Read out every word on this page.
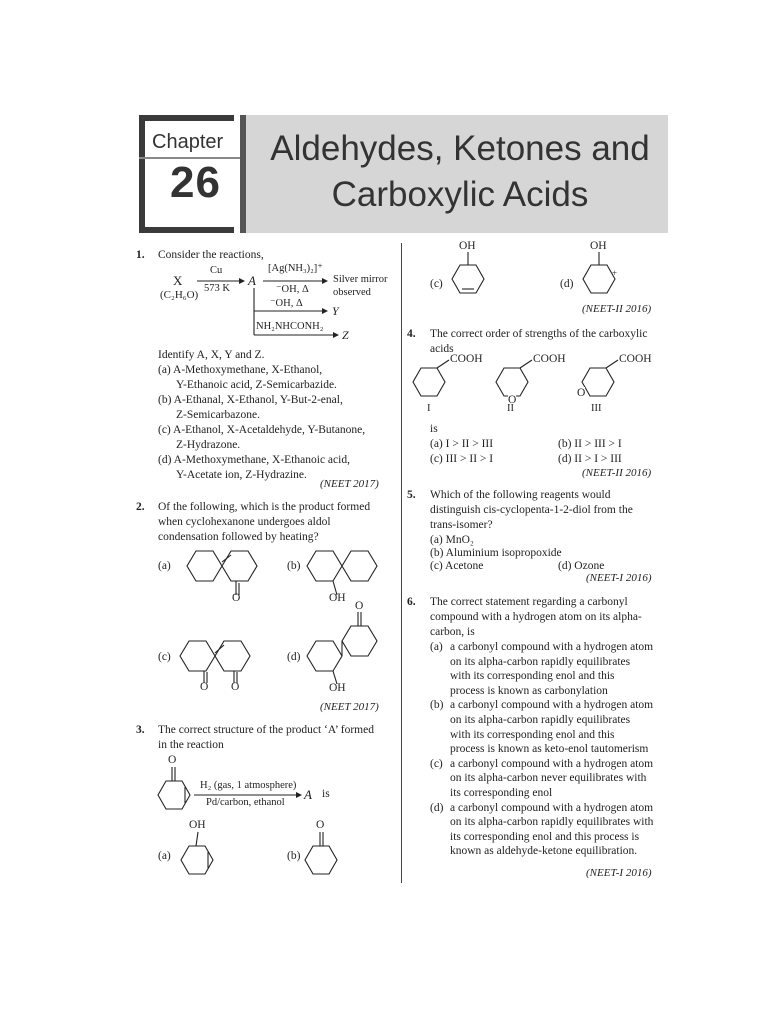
Chapter
26
Aldehydes, Ketones and
Carboxylic Acids
1. Consider the reactions,
X
(C₂H₆O)
Cu
573 K
A
[Ag(NH₃)₂]⁺
⁻OH, Δ
Silver mirror
observed
⁻OH, Δ
Y
NH₂NHCONH₂
Z
Identify A, X, Y and Z.
(a) A-Methoxymethane, X-Ethanol,
Y-Ethanoic acid, Z-Semicarbazide.
(b) A-Ethanal, X-Ethanol, Y-But-2-enal,
Z-Semicarbazone.
(c) A-Ethanol, X-Acetaldehyde, Y-Butanone,
Z-Hydrazone.
(d) A-Methoxymethane, X-Ethanoic acid,
Y-Acetate ion, Z-Hydrazine.
(NEET 2017)
2. Of the following, which is the product formed
when cyclohexanone undergoes aldol
condensation followed by heating?
(a)	(b)
(c)	(d)
O	OH
O O
O
OH
(NEET 2017)
3. The correct structure of the product ‘A’ formed
in the reaction
O
H₂ (gas, 1 atmosphere)
Pd/carbon, ethanol
A is
(a)	(b)
(c)	(d)
OH	O
OH	OH
+
(NEET-II 2016)
4. The correct order of strengths of the carboxylic
acids
COOH	COOH	COOH
O
O
I	II	III
is
(a) I > II > III	(b) II > III > I
(c) III > II > I	(d) II > I > III
(NEET-II 2016)
5. Which of the following reagents would
distinguish cis-cyclopenta-1-2-diol from the
trans-isomer?
(a) MnO₂
(b) Aluminium isopropoxide
(c) Acetone	(d) Ozone
(NEET-I 2016)
6. The correct statement regarding a carbonyl
compound with a hydrogen atom on its alpha-
carbon, is
(a) a carbonyl compound with a hydrogen atom
on its alpha-carbon rapidly equilibrates
with its corresponding enol and this
process is known as carbonylation
(b) a carbonyl compound with a hydrogen atom
on its alpha-carbon rapidly equilibrates
with its corresponding enol and this
process is known as keto-enol tautomerism
(c) a carbonyl compound with a hydrogen atom
on its alpha-carbon never equilibrates with
its corresponding enol
(d) a carbonyl compound with a hydrogen atom
on its alpha-carbon rapidly equilibrates with
its corresponding enol and this process is
known as aldehyde-ketone equilibration.
(NEET-I 2016)
